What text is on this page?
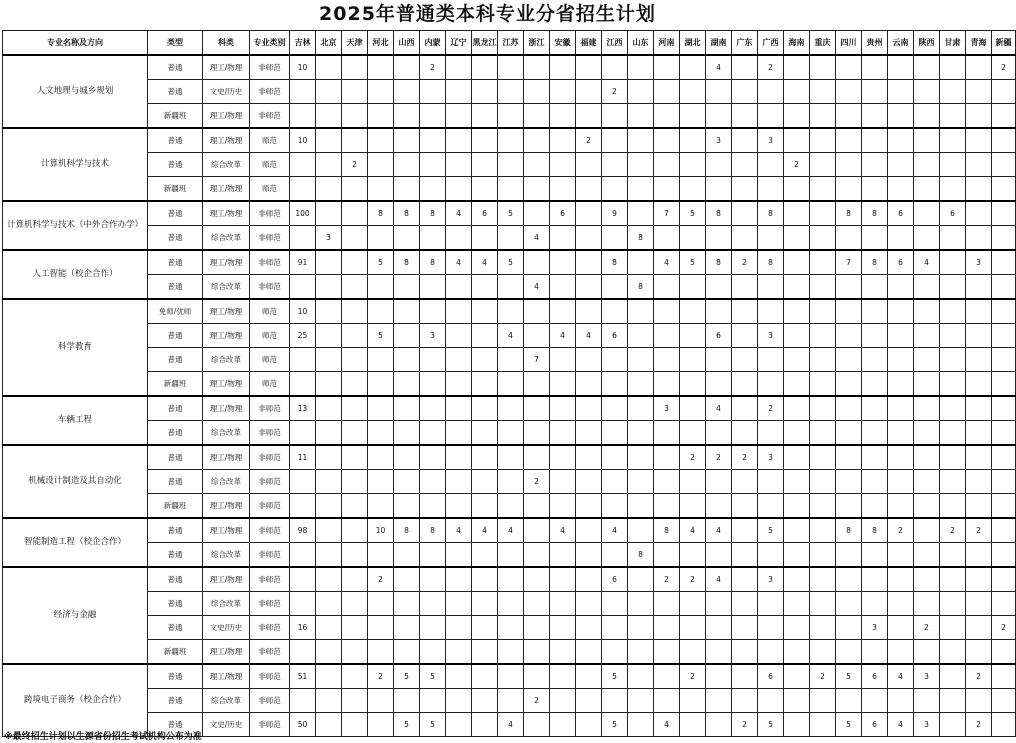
2025年普通类本科专业分省招生计划
专业名称及方向	类型	科类	专业类别	吉林	北京	天津	河北	山西	内蒙	辽宁	黑龙江	江苏	浙江	安徽	福建	江西	山东	河南	湖北	湖南	广东	广西	海南	重庆	四川	贵州	云南	陕西	甘肃	青海	新疆
人文地理与城乡规划	普通	理工/物理	非师范	10					2											4		2									2
	普通	文史/历史	非师范													2															
	新疆班	理工/物理	非师范																												
计算机科学与技术	普通	理工/物理	师范	10											2					3		3									
	普通	综合改革	师范			2																	2								
	新疆班	理工/物理	师范																												
计算机科学与技术（中外合作办学）	普通	理工/物理	非师范	100			8	8	8	4	6	5		6		9		7	5	8		8			8	8	6		6		
	普通	综合改革	非师范		3								4				8														
人工智能（校企合作）	普通	理工/物理	非师范	91			5	8	8	4	4	5				8		4	5	8	2	8			7	8	6	4		3	
	普通	综合改革	非师范										4				8														
科学教育	免师/优师	理工/物理	师范	10																											
	普通	理工/物理	师范	25			5		3			4		4	4	6				6		3									
	普通	综合改革	师范										7																		
	新疆班	理工/物理	师范																												
车辆工程	普通	理工/物理	非师范	13														3		4		2									
	普通	综合改革	非师范																												
机械设计制造及其自动化	普通	理工/物理	非师范	11															2	2	2	3									
	普通	综合改革	非师范										2																		
	新疆班	理工/物理	非师范																												
智能制造工程（校企合作）	普通	理工/物理	非师范	98			10	8	8	4	4	4		4		4		8	4	4		5			8	8	2		2	2	
	普通	综合改革	非师范														8														
经济与金融	普通	理工/物理	非师范				2									6		2	2	4		3									
	普通	综合改革	非师范																												
	普通	文史/历史	非师范	16																						3		2			2
	新疆班	理工/物理	非师范																												
跨境电子商务（校企合作）	普通	理工/物理	非师范	51			2	5	5							5			2			6		2	5	6	4	3		2	
	普通	综合改革	非师范										2																		
	普通	文史/历史	非师范	50				5	5			4				5		4			2	5			5	6	4	3		2	
※最终招生计划以生源省份招生考试机构公布为准
